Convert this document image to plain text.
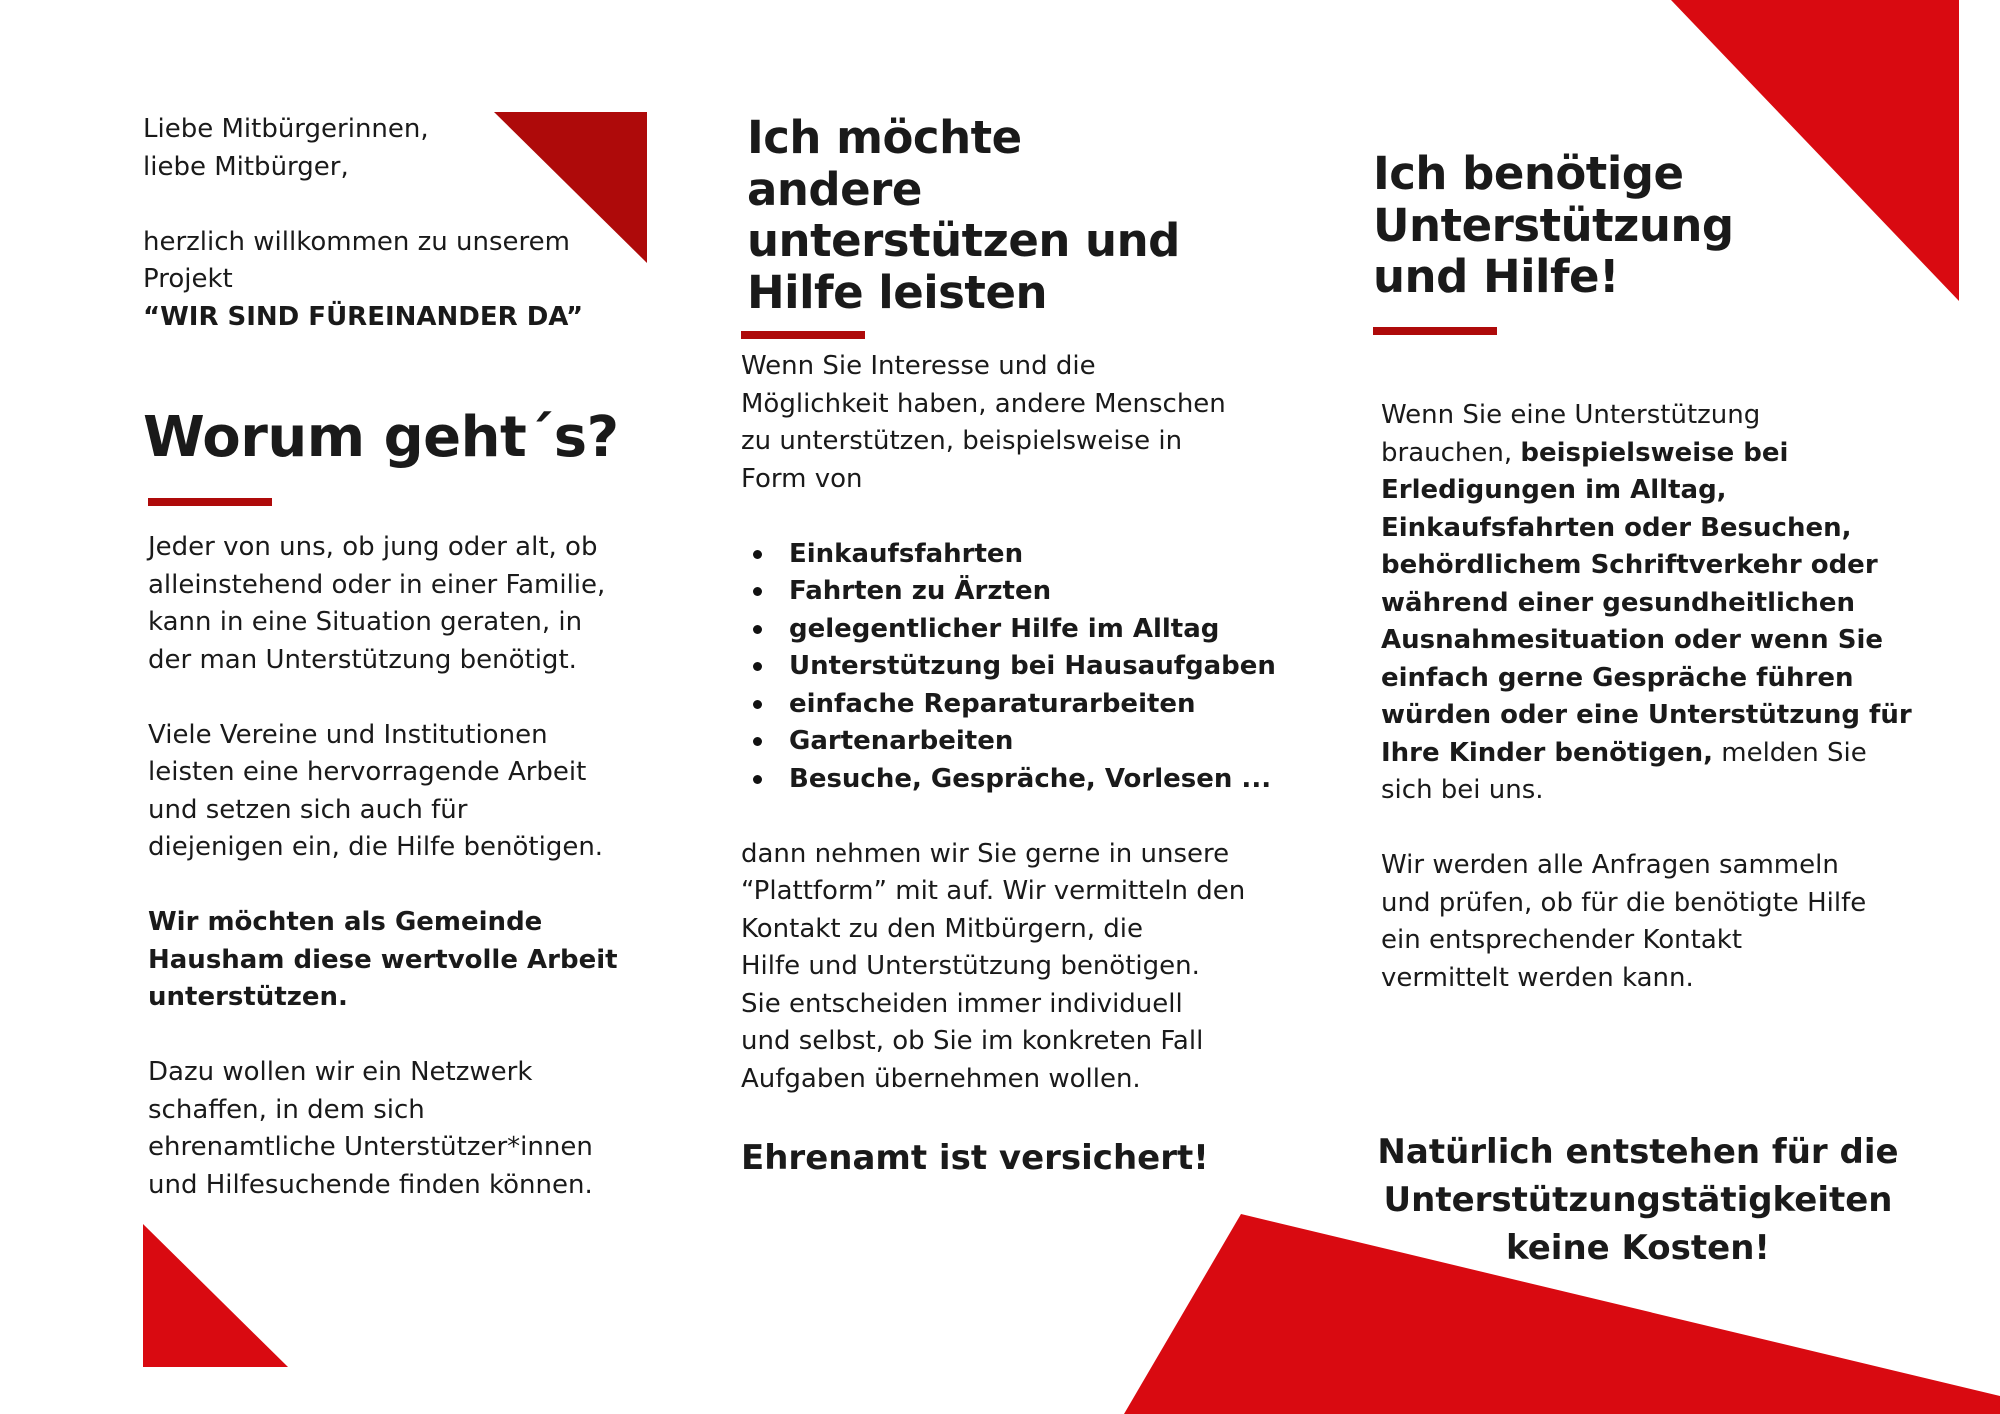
Liebe Mitbürgerinnen,

liebe Mitbürger,

herzlich willkommen zu unserem

Projekt

“WIR SIND FÜREINANDER DA”

Worum geht´s?

Jeder von uns, ob jung oder alt, ob

alleinstehend oder in einer Familie,

kann in eine Situation geraten, in

der man Unterstützung benötigt.

Viele Vereine und Institutionen

leisten eine hervorragende Arbeit

und setzen sich auch für

diejenigen ein, die Hilfe benötigen.

Wir möchten als Gemeinde

Hausham diese wertvolle Arbeit

unterstützen.

Dazu wollen wir ein Netzwerk

schaffen, in dem sich

ehrenamtliche Unterstützer*innen

und Hilfesuchende finden können.

Ich möchte
andere
unterstützen und
Hilfe leisten

Wenn Sie Interesse und die

Möglichkeit haben, andere Menschen

zu unterstützen, beispielsweise in

Form von

Einkaufsfahrten
Fahrten zu Ärzten
gelegentlicher Hilfe im Alltag
Unterstützung bei Hausaufgaben
einfache Reparaturarbeiten
Gartenarbeiten
Besuche, Gespräche, Vorlesen ...

dann nehmen wir Sie gerne in unsere

“Plattform” mit auf. Wir vermitteln den

Kontakt zu den Mitbürgern, die

Hilfe und Unterstützung benötigen.

Sie entscheiden immer individuell

und selbst, ob Sie im konkreten Fall

Aufgaben übernehmen wollen.

Ehrenamt ist versichert!
Ich benötige
Unterstützung
und Hilfe!

Wenn Sie eine Unterstützung

brauchen, beispielsweise bei

Erledigungen im Alltag,

Einkaufsfahrten oder Besuchen,

behördlichem Schriftverkehr oder

während einer gesundheitlichen

Ausnahmesituation oder wenn Sie

einfach gerne Gespräche führen

würden oder eine Unterstützung für

Ihre Kinder benötigen, melden Sie

sich bei uns.

Wir werden alle Anfragen sammeln

und prüfen, ob für die benötigte Hilfe

ein entsprechender Kontakt

vermittelt werden kann.

Natürlich entstehen für die
Unterstützungstätigkeiten
keine Kosten!
